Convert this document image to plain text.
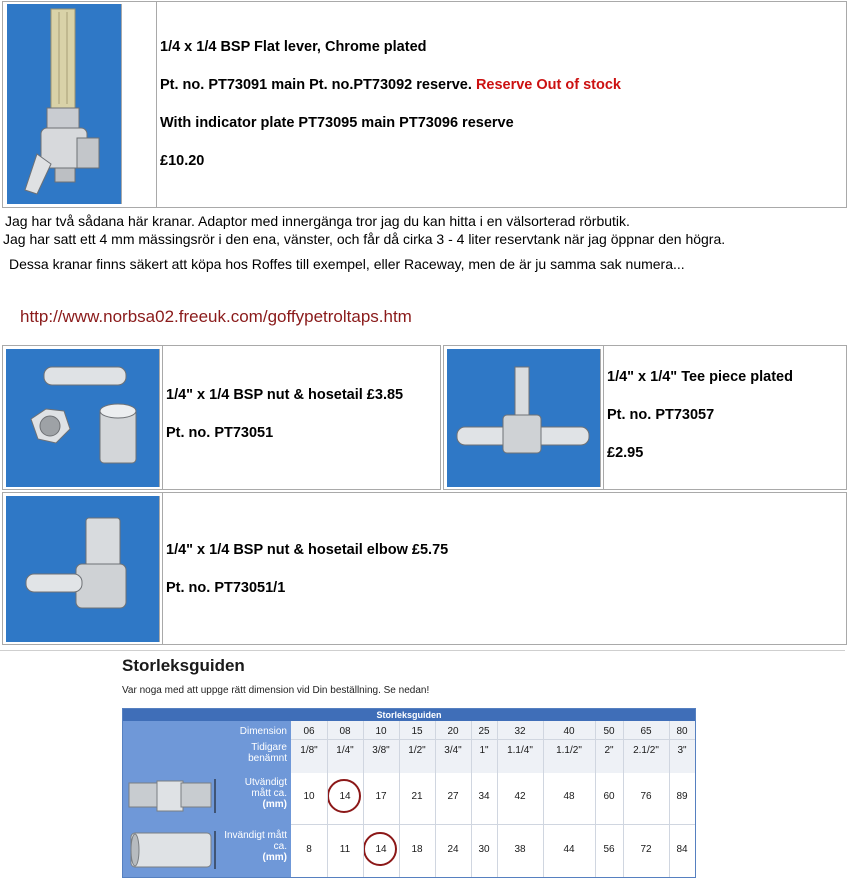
1/4 x 1/4 BSP Flat lever, Chrome plated
Pt. no. PT73091 main Pt. no.PT73092 reserve. Reserve Out of stock
With indicator plate PT73095 main PT73096 reserve
£10.20
Jag har två sådana här kranar. Adaptor med innergänga tror jag du kan hitta i en välsorterad rörbutik.
Jag har satt ett 4 mm mässingsrör i den ena, vänster, och får då cirka 3 - 4 liter reservtank när jag öppnar den högra.
Dessa kranar finns säkert att köpa hos Roffes till exempel, eller Raceway, men de är ju samma sak numera...
http://www.norbsa02.freeuk.com/goffypetroltaps.htm
1/4" x 1/4 BSP nut & hosetail £3.85
Pt. no. PT73051
1/4" x 1/4" Tee piece plated
Pt. no. PT73057
£2.95
1/4" x 1/4 BSP nut & hosetail elbow £5.75
Pt. no. PT73051/1
Storleksguiden
Var noga med att uppge rätt dimension vid Din beställning. Se nedan!
Storleksguiden
Dimension
Tidigare benämnt
Utvändigt mått ca.
(mm)
Invändigt mått ca.
(mm)
06
1/8"
10
8
08
1/4"
14
11
10
3/8"
17
14
15
1/2"
21
18
20
3/4"
27
24
25
1"
34
30
32
1.1/4"
42
38
40
1.1/2"
48
44
50
2"
60
56
65
2.1/2"
76
72
80
3"
89
84
